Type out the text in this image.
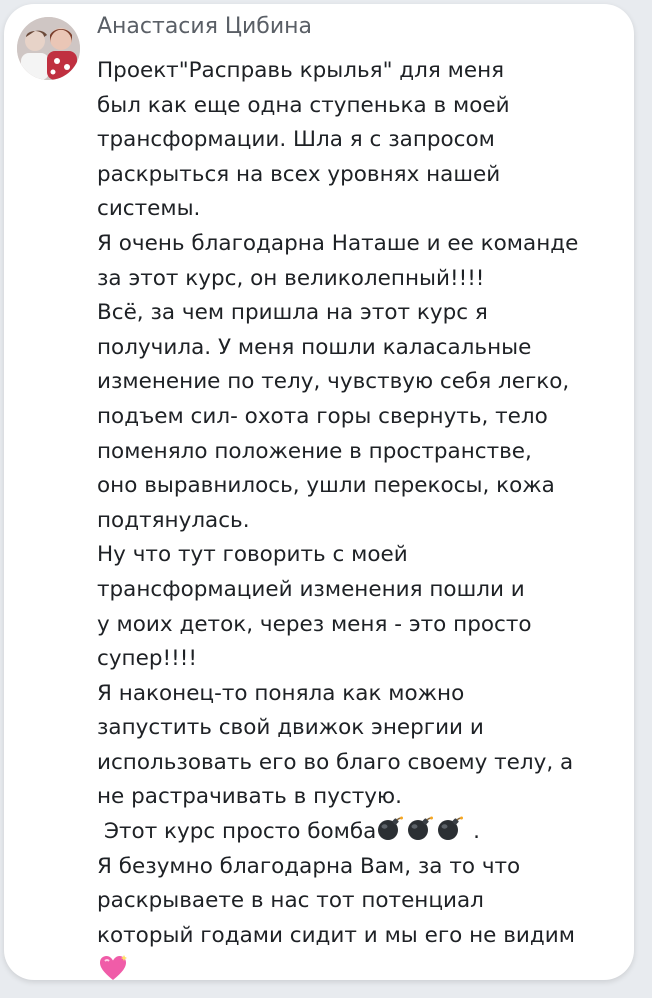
Анастасия Цибина
Проект"Расправь крылья" для меня
был как еще одна ступенька в моей
трансформации. Шла я с запросом
раскрыться на всех уровнях нашей
системы.
Я очень благодарна Наташе и ее команде
за этот курс, он великолепный!!!!
Всё, за чем пришла на этот курс я
получила. У меня пошли каласальные
изменение по телу, чувствую себя легко,
подъем сил- охота горы свернуть, тело
поменяло положение в пространстве,
оно выравнилось, ушли перекосы, кожа
подтянулась.
Ну что тут говорить с моей
трансформацией изменения пошли и
у моих деток, через меня - это просто
супер!!!!
Я наконец-то поняла как можно
запустить свой движок энергии и
использовать его во благо своему телу, а
не растрачивать в пустую.
Этот курс просто бомба	.
Я безумно благодарна Вам, за то что
раскрываете в нас тот потенциал
который годами сидит и мы его не видим
